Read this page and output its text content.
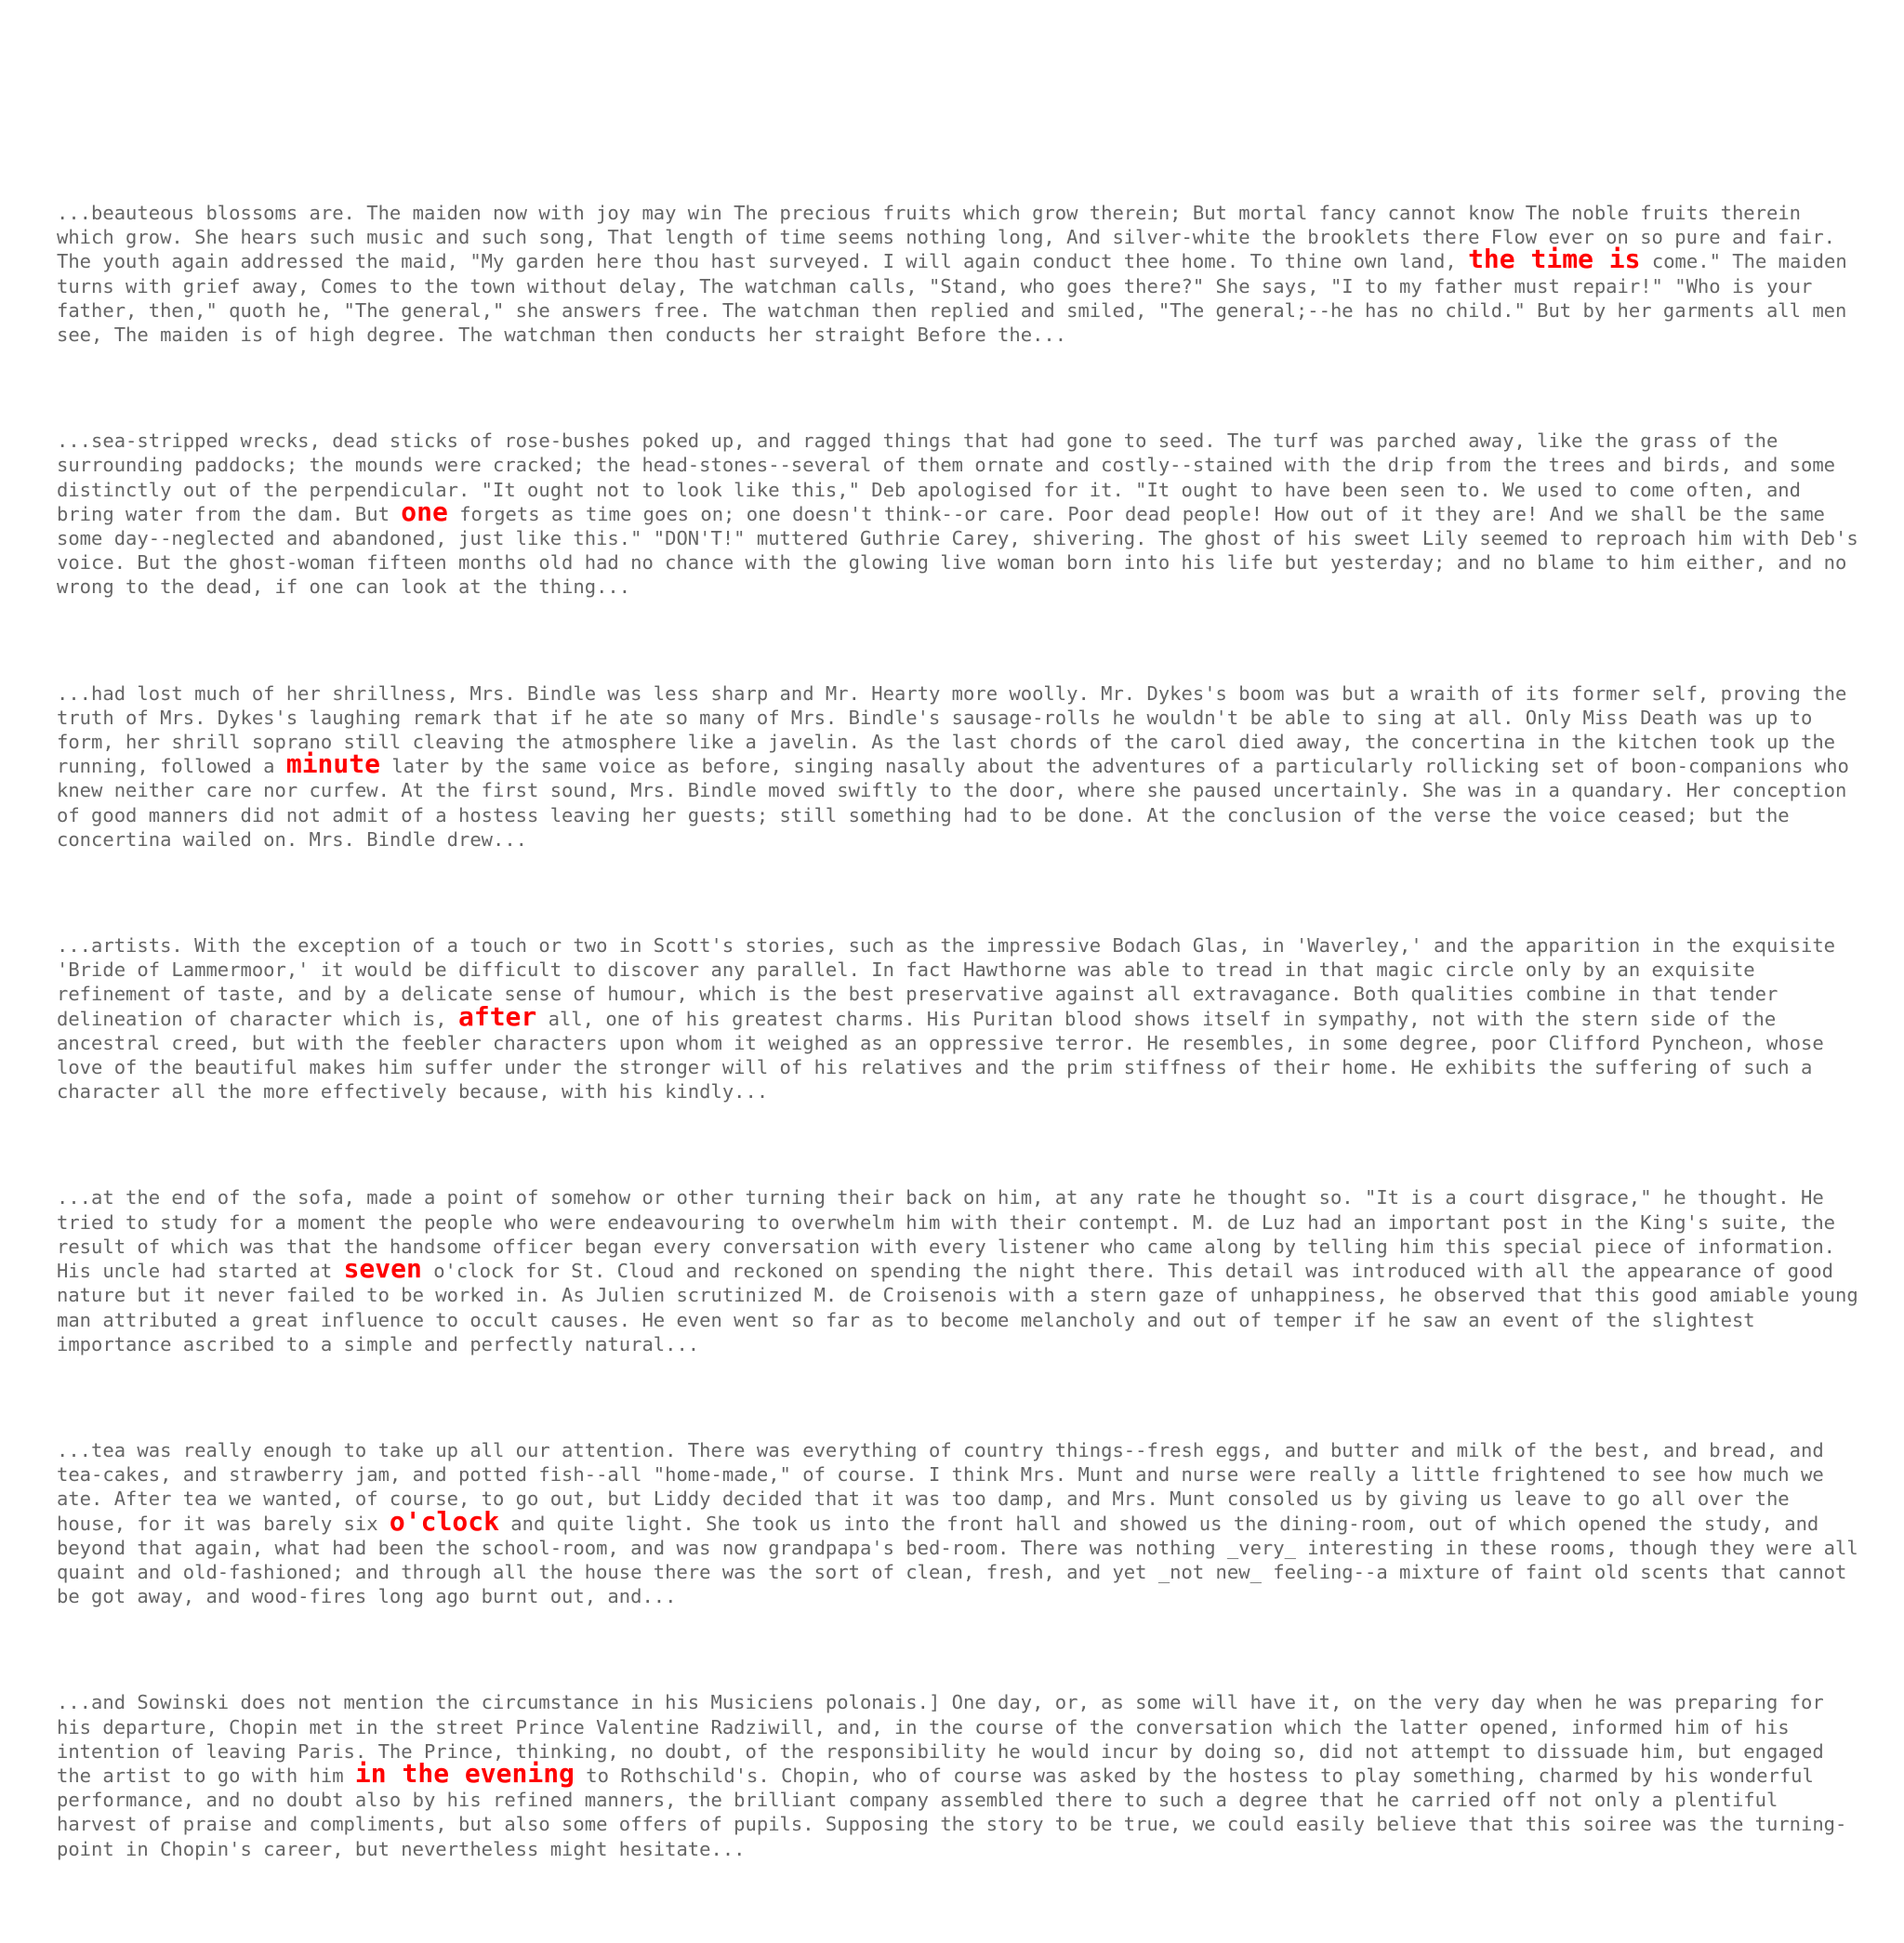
...beauteous blossoms are. The maiden now with joy may win The precious fruits which grow therein; But mortal fancy cannot know The noble fruits therein which grow. She hears such music and such song, That length of time seems nothing long, And silver-white the brooklets there Flow ever on so pure and fair. The youth again addressed the maid, "My garden here thou hast surveyed. I will again conduct thee home. To thine own land, the time is come." The maiden turns with grief away, Comes to the town without delay, The watchman calls, "Stand, who goes there?" She says, "I to my father must repair!" "Who is your father, then," quoth he, "The general," she answers free. The watchman then replied and smiled, "The general;--he has no child." But by her garments all men see, The maiden is of high degree. The watchman then conducts her straight Before the...

...sea-stripped wrecks, dead sticks of rose-bushes poked up, and ragged things that had gone to seed. The turf was parched away, like the grass of the surrounding paddocks; the mounds were cracked; the head-stones--several of them ornate and costly--stained with the drip from the trees and birds, and some distinctly out of the perpendicular. "It ought not to look like this," Deb apologised for it. "It ought to have been seen to. We used to come often, and bring water from the dam. But one forgets as time goes on; one doesn't think--or care. Poor dead people! How out of it they are! And we shall be the same some day--neglected and abandoned, just like this." "DON'T!" muttered Guthrie Carey, shivering. The ghost of his sweet Lily seemed to reproach him with Deb's voice. But the ghost-woman fifteen months old had no chance with the glowing live woman born into his life but yesterday; and no blame to him either, and no wrong to the dead, if one can look at the thing...

...had lost much of her shrillness, Mrs. Bindle was less sharp and Mr. Hearty more woolly. Mr. Dykes's boom was but a wraith of its former self, proving the truth of Mrs. Dykes's laughing remark that if he ate so many of Mrs. Bindle's sausage-rolls he wouldn't be able to sing at all. Only Miss Death was up to form, her shrill soprano still cleaving the atmosphere like a javelin. As the last chords of the carol died away, the concertina in the kitchen took up the running, followed a minute later by the same voice as before, singing nasally about the adventures of a particularly rollicking set of boon-companions who knew neither care nor curfew. At the first sound, Mrs. Bindle moved swiftly to the door, where she paused uncertainly. She was in a quandary. Her conception of good manners did not admit of a hostess leaving her guests; still something had to be done. At the conclusion of the verse the voice ceased; but the concertina wailed on. Mrs. Bindle drew...

...artists. With the exception of a touch or two in Scott's stories, such as the impressive Bodach Glas, in 'Waverley,' and the apparition in the exquisite 'Bride of Lammermoor,' it would be difficult to discover any parallel. In fact Hawthorne was able to tread in that magic circle only by an exquisite refinement of taste, and by a delicate sense of humour, which is the best preservative against all extravagance. Both qualities combine in that tender delineation of character which is, after all, one of his greatest charms. His Puritan blood shows itself in sympathy, not with the stern side of the ancestral creed, but with the feebler characters upon whom it weighed as an oppressive terror. He resembles, in some degree, poor Clifford Pyncheon, whose love of the beautiful makes him suffer under the stronger will of his relatives and the prim stiffness of their home. He exhibits the suffering of such a character all the more effectively because, with his kindly...

...at the end of the sofa, made a point of somehow or other turning their back on him, at any rate he thought so. "It is a court disgrace," he thought. He tried to study for a moment the people who were endeavouring to overwhelm him with their contempt. M. de Luz had an important post in the King's suite, the result of which was that the handsome officer began every conversation with every listener who came along by telling him this special piece of information. His uncle had started at seven o'clock for St. Cloud and reckoned on spending the night there. This detail was introduced with all the appearance of good nature but it never failed to be worked in. As Julien scrutinized M. de Croisenois with a stern gaze of unhappiness, he observed that this good amiable young man attributed a great influence to occult causes. He even went so far as to become melancholy and out of temper if he saw an event of the slightest importance ascribed to a simple and perfectly natural...

...tea was really enough to take up all our attention. There was everything of country things--fresh eggs, and butter and milk of the best, and bread, and tea-cakes, and strawberry jam, and potted fish--all "home-made," of course. I think Mrs. Munt and nurse were really a little frightened to see how much we ate. After tea we wanted, of course, to go out, but Liddy decided that it was too damp, and Mrs. Munt consoled us by giving us leave to go all over the house, for it was barely six o'clock and quite light. She took us into the front hall and showed us the dining-room, out of which opened the study, and beyond that again, what had been the school-room, and was now grandpapa's bed-room. There was nothing _very_ interesting in these rooms, though they were all quaint and old-fashioned; and through all the house there was the sort of clean, fresh, and yet _not new_ feeling--a mixture of faint old scents that cannot be got away, and wood-fires long ago burnt out, and...

...and Sowinski does not mention the circumstance in his Musiciens polonais.] One day, or, as some will have it, on the very day when he was preparing for his departure, Chopin met in the street Prince Valentine Radziwill, and, in the course of the conversation which the latter opened, informed him of his intention of leaving Paris. The Prince, thinking, no doubt, of the responsibility he would incur by doing so, did not attempt to dissuade him, but engaged the artist to go with him in the evening to Rothschild's. Chopin, who of course was asked by the hostess to play something, charmed by his wonderful performance, and no doubt also by his refined manners, the brilliant company assembled there to such a degree that he carried off not only a plentiful harvest of praise and compliments, but also some offers of pupils. Supposing the story to be true, we could easily believe that this soiree was the turning-point in Chopin's career, but nevertheless might hesitate...
